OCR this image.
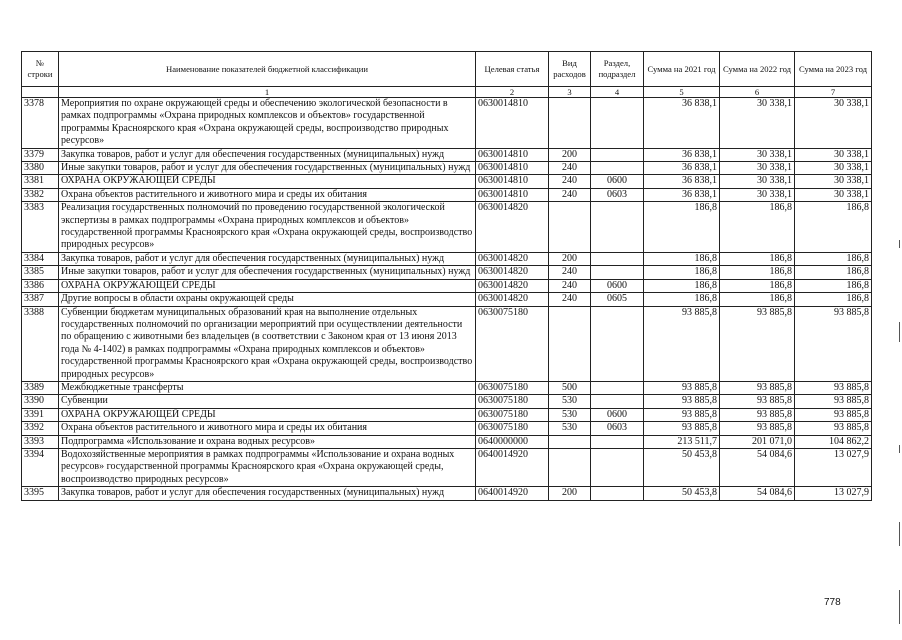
№ строки	Наименование показателей бюджетной классификации	Целевая статья	Вид расходов	Раздел, подраздел	Сумма на 2021 год	Сумма на 2022 год	Сумма на 2023 год
	1	2	3	4	5	6	7
3378	Мероприятия по охране окружающей среды и обеспечению экологической безопасности в рамках подпрограммы «Охрана природных комплексов и объектов» государственной программы Красноярского края «Охрана окружающей среды, воспроизводство природных ресурсов»	0630014810			36 838,1	30 338,1	30 338,1
3379	Закупка товаров, работ и услуг для обеспечения государственных (муниципальных) нужд	0630014810	200		36 838,1	30 338,1	30 338,1
3380	Иные закупки товаров, работ и услуг для обеспечения государственных (муниципальных) нужд	0630014810	240		36 838,1	30 338,1	30 338,1
3381	ОХРАНА ОКРУЖАЮЩЕЙ СРЕДЫ	0630014810	240	0600	36 838,1	30 338,1	30 338,1
3382	Охрана объектов растительного и животного мира и среды их обитания	0630014810	240	0603	36 838,1	30 338,1	30 338,1
3383	Реализация государственных полномочий по проведению государственной экологической экспертизы в рамках подпрограммы «Охрана природных комплексов и объектов» государственной программы Красноярского края «Охрана окружающей среды, воспроизводство природных ресурсов»	0630014820			186,8	186,8	186,8
3384	Закупка товаров, работ и услуг для обеспечения государственных (муниципальных) нужд	0630014820	200		186,8	186,8	186,8
3385	Иные закупки товаров, работ и услуг для обеспечения государственных (муниципальных) нужд	0630014820	240		186,8	186,8	186,8
3386	ОХРАНА ОКРУЖАЮЩЕЙ СРЕДЫ	0630014820	240	0600	186,8	186,8	186,8
3387	Другие вопросы в области охраны окружающей среды	0630014820	240	0605	186,8	186,8	186,8
3388	Субвенции бюджетам муниципальных образований края на выполнение отдельных государственных полномочий по организации мероприятий при осуществлении деятельности по обращению с животными без владельцев (в соответствии с Законом края от 13 июня 2013 года № 4-1402) в рамках подпрограммы «Охрана природных комплексов и объектов» государственной программы Красноярского края «Охрана окружающей среды, воспроизводство природных ресурсов»	0630075180			93 885,8	93 885,8	93 885,8
3389	Межбюджетные трансферты	0630075180	500		93 885,8	93 885,8	93 885,8
3390	Субвенции	0630075180	530		93 885,8	93 885,8	93 885,8
3391	ОХРАНА ОКРУЖАЮЩЕЙ СРЕДЫ	0630075180	530	0600	93 885,8	93 885,8	93 885,8
3392	Охрана объектов растительного и животного мира и среды их обитания	0630075180	530	0603	93 885,8	93 885,8	93 885,8
3393	Подпрограмма «Использование и охрана водных ресурсов»	0640000000			213 511,7	201 071,0	104 862,2
3394	Водохозяйственные мероприятия в рамках подпрограммы «Использование и охрана водных ресурсов» государственной программы Красноярского края «Охрана окружающей среды, воспроизводство природных ресурсов»	0640014920			50 453,8	54 084,6	13 027,9
3395	Закупка товаров, работ и услуг для обеспечения государственных (муниципальных) нужд	0640014920	200		50 453,8	54 084,6	13 027,9
778
